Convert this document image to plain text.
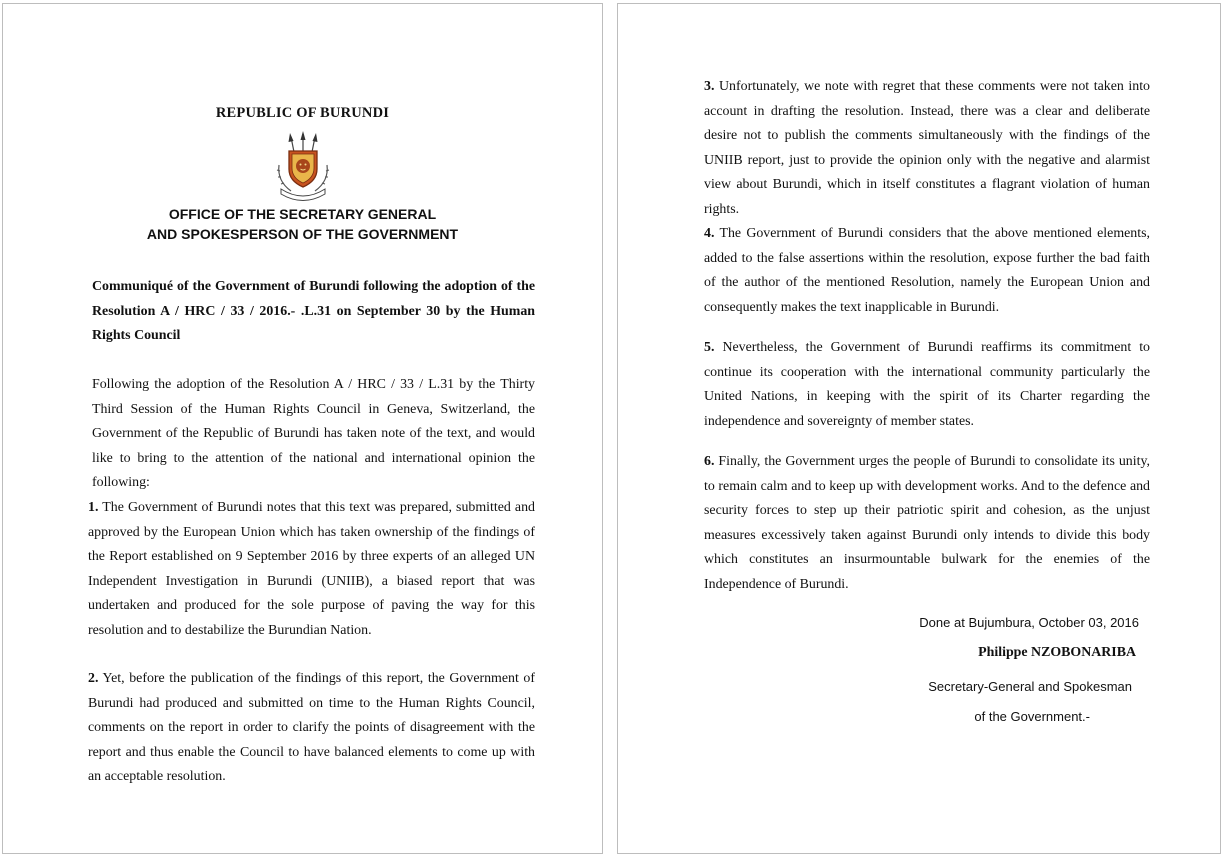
REPUBLIC OF BURUNDI
OFFICE OF THE SECRETARY GENERAL
AND SPOKESPERSON OF THE GOVERNMENT

Communiqué of the Government of Burundi following the adoption of the Resolution A / HRC / 33 / 2016.- .L.31 on September 30 by the Human Rights Council

Following the adoption of the Resolution A / HRC / 33 / L.31 by the Thirty Third Session of the Human Rights Council in Geneva, Switzerland, the Government of the Republic of Burundi has taken note of the text, and would like to bring to the attention of the national and international opinion the following:

1. The Government of Burundi notes that this text was prepared, submitted and approved by the European Union which has taken ownership of the findings of the Report established on 9 September 2016 by three experts of an alleged UN Independent Investigation in Burundi (UNIIB), a biased report that was undertaken and produced for the sole purpose of paving the way for this resolution and to destabilize the Burundian Nation.

2. Yet, before the publication of the findings of this report, the Government of Burundi had produced and submitted on time to the Human Rights Council, comments on the report in order to clarify the points of disagreement with the report and thus enable the Council to have balanced elements to come up with an acceptable resolution.

3. Unfortunately, we note with regret that these comments were not taken into account in drafting the resolution. Instead, there was a clear and deliberate desire not to publish the comments simultaneously with the findings of the UNIIB report, just to provide the opinion only with the negative and alarmist view about Burundi, which in itself constitutes a flagrant violation of human rights.

4. The Government of Burundi considers that the above mentioned elements, added to the false assertions within the resolution, expose further the bad faith of the author of the mentioned Resolution, namely the European Union and consequently makes the text inapplicable in Burundi.

5. Nevertheless, the Government of Burundi reaffirms its commitment to continue its cooperation with the international community particularly the United Nations, in keeping with the spirit of its Charter regarding the independence and sovereignty of member states.

6. Finally, the Government urges the people of Burundi to consolidate its unity, to remain calm and to keep up with development works. And to the defence and security forces to step up their patriotic spirit and cohesion, as the unjust measures excessively taken against Burundi only intends to divide this body which constitutes an insurmountable bulwark for the enemies of the Independence of Burundi.

Done at Bujumbura, October 03, 2016

Philippe NZOBONARIBA

Secretary-General and Spokesman

of the Government.-
